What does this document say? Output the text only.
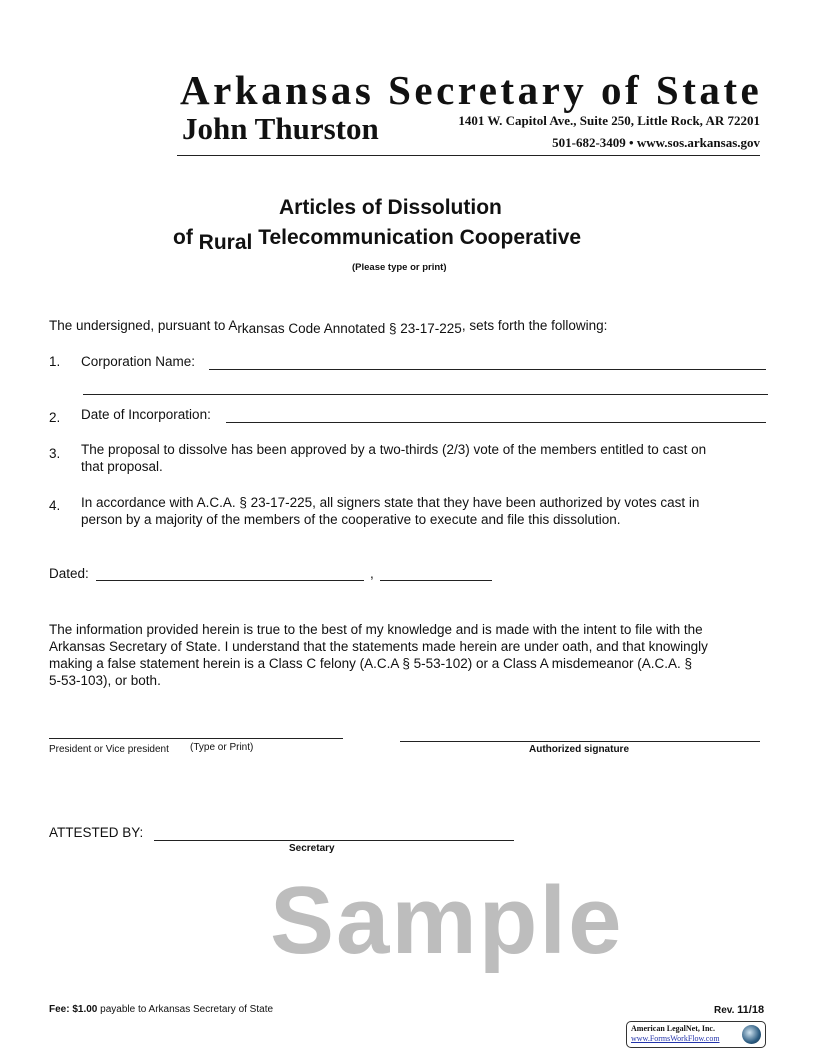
Arkansas Secretary of State
John Thurston	1401 W. Capitol Ave., Suite 250, Little Rock, AR 72201
501-682-3409 • www.sos.arkansas.gov
Articles of Dissolution
of Rural Telecommunication Cooperative
(Please type or print)
The undersigned, pursuant to Arkansas Code Annotated § 23-17-225, sets forth the following:
1. Corporation Name:
2. Date of Incorporation:
3. The proposal to dissolve has been approved by a two-thirds (2/3) vote of the members entitled to cast on
that proposal.
4. In accordance with A.C.A. § 23-17-225, all signers state that they have been authorized by votes cast in
person by a majority of the members of the cooperative to execute and file this dissolution.
Dated:	,
The information provided herein is true to the best of my knowledge and is made with the intent to file with the
Arkansas Secretary of State. I understand that the statements made herein are under oath, and that knowingly
making a false statement herein is a Class C felony (A.C.A § 5-53-102) or a Class A misdemeanor (A.C.A. §
5-53-103), or both.
President or Vice president (Type or Print)	Authorized signature
ATTESTED BY:
Secretary
Sample
Fee: $1.00 payable to Arkansas Secretary of State	Rev. 11/18
American LegalNet, Inc.
www.FormsWorkFlow.com
